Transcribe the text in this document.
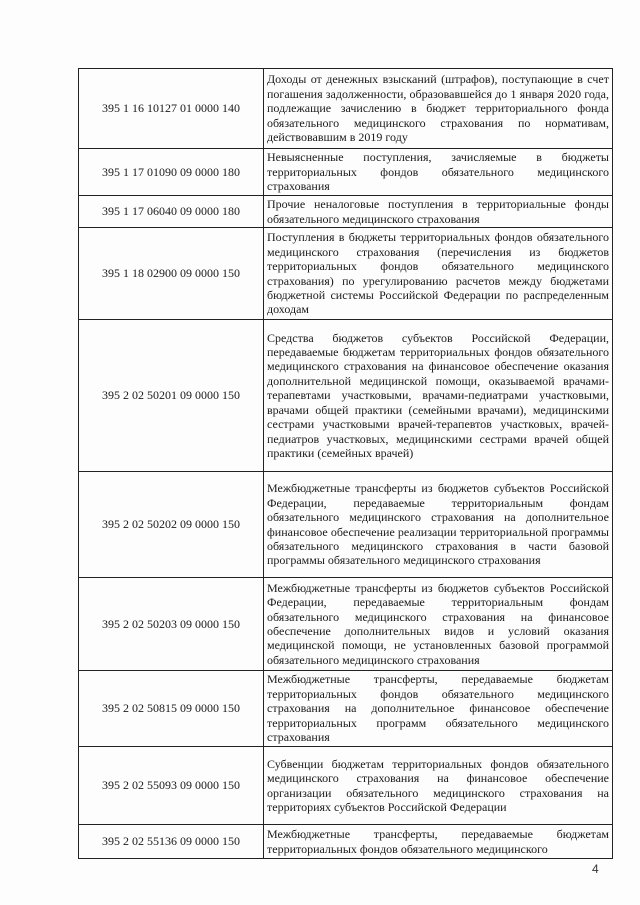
395 1 16 10127 01 0000 140	Доходы от денежных взысканий (штрафов), поступающие в счет погашения задолженности, образовавшейся до 1 января 2020 года, подлежащие зачислению в бюджет территориального фонда обязательного медицинского страхования по нормативам, действовавшим в 2019 году
395 1 17 01090 09 0000 180	Невыясненные поступления, зачисляемые в бюджеты территориальных фондов обязательного медицинского страхования
395 1 17 06040 09 0000 180	Прочие неналоговые поступления в территориальные фонды обязательного медицинского страхования
395 1 18 02900 09 0000 150	Поступления в бюджеты территориальных фондов обязательного медицинского страхования (перечисления из бюджетов территориальных фондов обязательного медицинского страхования) по урегулированию расчетов между бюджетами бюджетной системы Российской Федерации по распределенным доходам
395 2 02 50201 09 0000 150	Средства бюджетов субъектов Российской Федерации, передаваемые бюджетам территориальных фондов обязательного медицинского страхования на финансовое обеспечение оказания дополнительной медицинской помощи, оказываемой врачами-терапевтами участковыми, врачами-педиатрами участковыми, врачами общей практики (семейными врачами), медицинскими сестрами участковыми врачей-терапевтов участковых, врачей-педиатров участковых, медицинскими сестрами врачей общей практики (семейных врачей)
395 2 02 50202 09 0000 150	Межбюджетные трансферты из бюджетов субъектов Российской Федерации, передаваемые территориальным фондам обязательного медицинского страхования на дополнительное финансовое обеспечение реализации территориальной программы обязательного медицинского страхования в части базовой программы обязательного медицинского страхования
395 2 02 50203 09 0000 150	Межбюджетные трансферты из бюджетов субъектов Российской Федерации, передаваемые территориальным фондам обязательного медицинского страхования на финансовое обеспечение дополнительных видов и условий оказания медицинской помощи, не установленных базовой программой обязательного медицинского страхования
395 2 02 50815 09 0000 150	Межбюджетные трансферты, передаваемые бюджетам территориальных фондов обязательного медицинского страхования на дополнительное финансовое обеспечение территориальных программ обязательного медицинского страхования
395 2 02 55093 09 0000 150	Субвенции бюджетам территориальных фондов обязательного медицинского страхования на финансовое обеспечение организации обязательного медицинского страхования на территориях субъектов Российской Федерации
395 2 02 55136 09 0000 150	Межбюджетные трансферты, передаваемые бюджетам территориальных фондов обязательного медицинского
4
